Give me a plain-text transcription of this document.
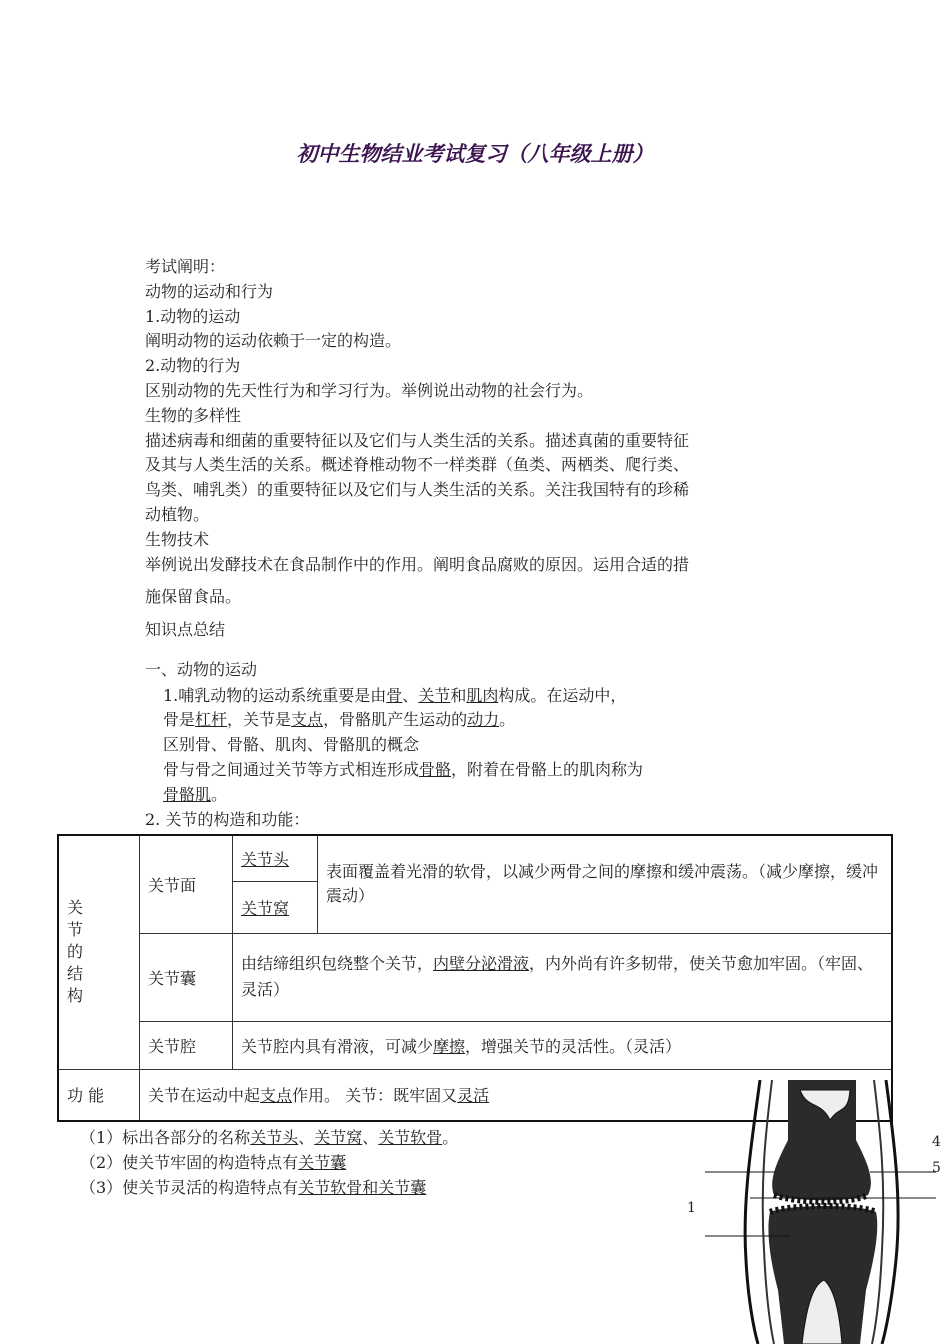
初中生物结业考试复习（八年级上册）

考试阐明：

动物的运动和行为

1.动物的运动

阐明动物的运动依赖于一定的构造。

2.动物的行为

区别动物的先天性行为和学习行为。举例说出动物的社会行为。

生物的多样性

描述病毒和细菌的重要特征以及它们与人类生活的关系。描述真菌的重要特征

及其与人类生活的关系。概述脊椎动物不一样类群（鱼类、两栖类、爬行类、

鸟类、哺乳类）的重要特征以及它们与人类生活的关系。关注我国特有的珍稀

动植物。

生物技术

举例说出发酵技术在食品制作中的作用。阐明食品腐败的原因。运用合适的措

施保留食品。

知识点总结

一、动物的运动
1.哺乳动物的运动系统重要是由骨、关节和肌肉构成。在运动中，
骨是杠杆，关节是支点，骨骼肌产生运动的动力。
区别骨、骨骼、肌肉、骨骼肌的概念
骨与骨之间通过关节等方式相连形成骨骼，附着在骨骼上的肌肉称为
骨骼肌。
2. 关节的构造和功能：
关
节
的
结
构	关节面	关节头	表面覆盖着光滑的软骨，以减少两骨之间的摩擦和缓冲震荡。（减少摩擦，缓冲震动）
		关节窝	
	关节囊	由结缔组织包绕整个关节，内壁分泌滑液，内外尚有许多韧带，使关节愈加牢固。（牢固、灵活）	
	关节腔	关节腔内具有滑液，可减少摩擦，增强关节的灵活性。（灵活）	
功 能	关节在运动中起支点作用。 关节：既牢固又灵活		
（1）标出各部分的名称关节头、关节窝、关节软骨。
（2）使关节牢固的构造特点有关节囊
（3）使关节灵活的构造特点有关节软骨和关节囊
4
5
1
